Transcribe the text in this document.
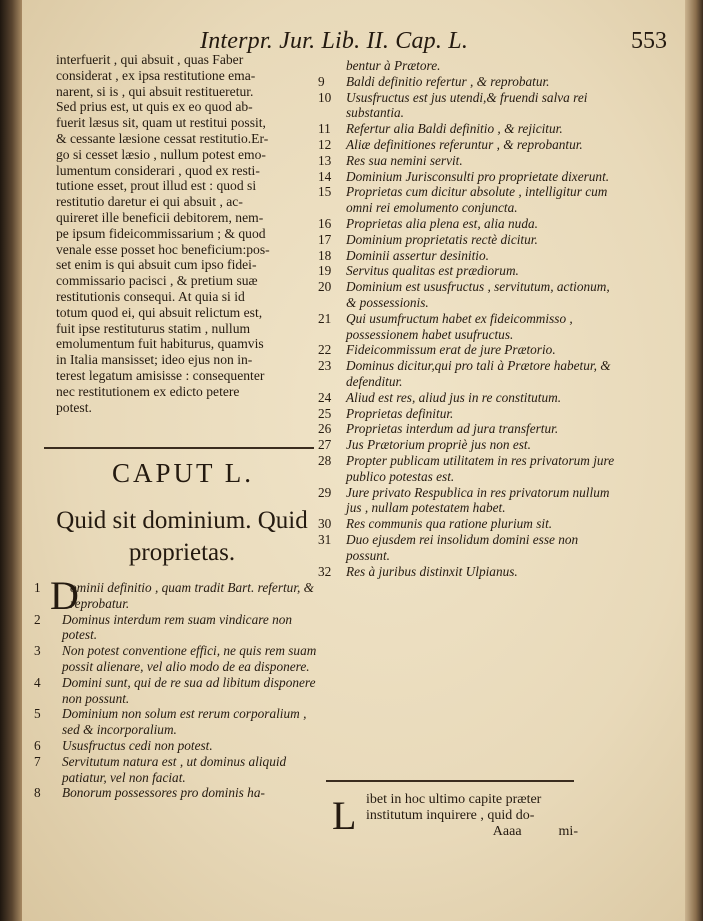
Interpr. Jur. Lib. II. Cap. L.	553
interfuerit , qui absuit , quas Faber
considerat , ex ipsa restitutione ema-
narent, si is , qui absuit restitueretur.
Sed prius est, ut quis ex eo quod ab-
fuerit læsus sit, quam ut restitui possit,
& cessante læsione cessat restitutio.Er-
go si cesset læsio , nullum potest emo-
lumentum considerari , quod ex resti-
tutione esset, prout illud est : quod si
restitutio daretur ei qui absuit , ac-
quireret ille beneficii debitorem, nem-
pe ipsum fideicommissarium ; & quod
venale esse posset hoc beneficium:pos-
set enim is qui absuit cum ipso fidei-
commissario pacisci , & pretium suæ
restitutionis consequi. At quia si id
totum quod ei, qui absuit relictum est,
fuit ipse restituturus statim , nullum
emolumentum fuit habiturus, quamvis
in Italia mansisset; ideo ejus non in-
terest legatum amisisse : consequenter
nec restitutionem ex edicto petere
potest.
CAPUT L.
Quid sit dominium. Quid
proprietas.
1 D
ominii definitio , quam tradit Bart. refertur, & reprobatur.
2	Dominus interdum rem suam vindicare non potest.
3	Non potest conventione effici, ne quis rem suam possit alienare, vel alio modo de ea disponere.
4	Domini sunt, qui de re sua ad libitum disponere non possunt.
5	Dominium non solum est rerum corporalium , sed & incorporalium.
6	Ususfructus cedi non potest.
7	Servitutum natura est , ut dominus aliquid patiatur, vel non faciat.
8	Bonorum possessores pro dominis ha-
bentur à Prætore.
9	Baldi definitio refertur , & reprobatur.
10	Ususfructus est jus utendi,& fruendi salva rei substantia.
11	Refertur alia Baldi definitio , & rejicitur.
12	Aliæ definitiones referuntur , & reprobantur.
13	Res sua nemini servit.
14	Dominium Jurisconsulti pro proprietate dixerunt.
15	Proprietas cum dicitur absolute , intelligitur cum omni rei emolumento conjuncta.
16	Proprietas alia plena est, alia nuda.
17	Dominium proprietatis rectè dicitur.
18	Dominii assertur desinitio.
19	Servitus qualitas est prædiorum.
20	Dominium est ususfructus , servitutum, actionum, & possessionis.
21	Qui usumfructum habet ex fideicommisso , possessionem habet usufructus.
22	Fideicommissum erat de jure Prætorio.
23	Dominus dicitur,qui pro tali à Prætore habetur, & defenditur.
24	Aliud est res, aliud jus in re constitutum.
25	Proprietas definitur.
26	Proprietas interdum ad jura transfertur.
27	Jus Prætorium propriè jus non est.
28	Propter publicam utilitatem in res privatorum jure publico potestas est.
29	Jure privato Respublica in res privatorum nullum jus , nullam potestatem habet.
30	Res communis qua ratione plurium sit.
31	Duo ejusdem rei insolidum domini esse non possunt.
32	Res à juribus distinxit Ulpianus.
L ibet in hoc ultimo capite præter
institutum inquirere , quid do-
Aaaa	mi-
